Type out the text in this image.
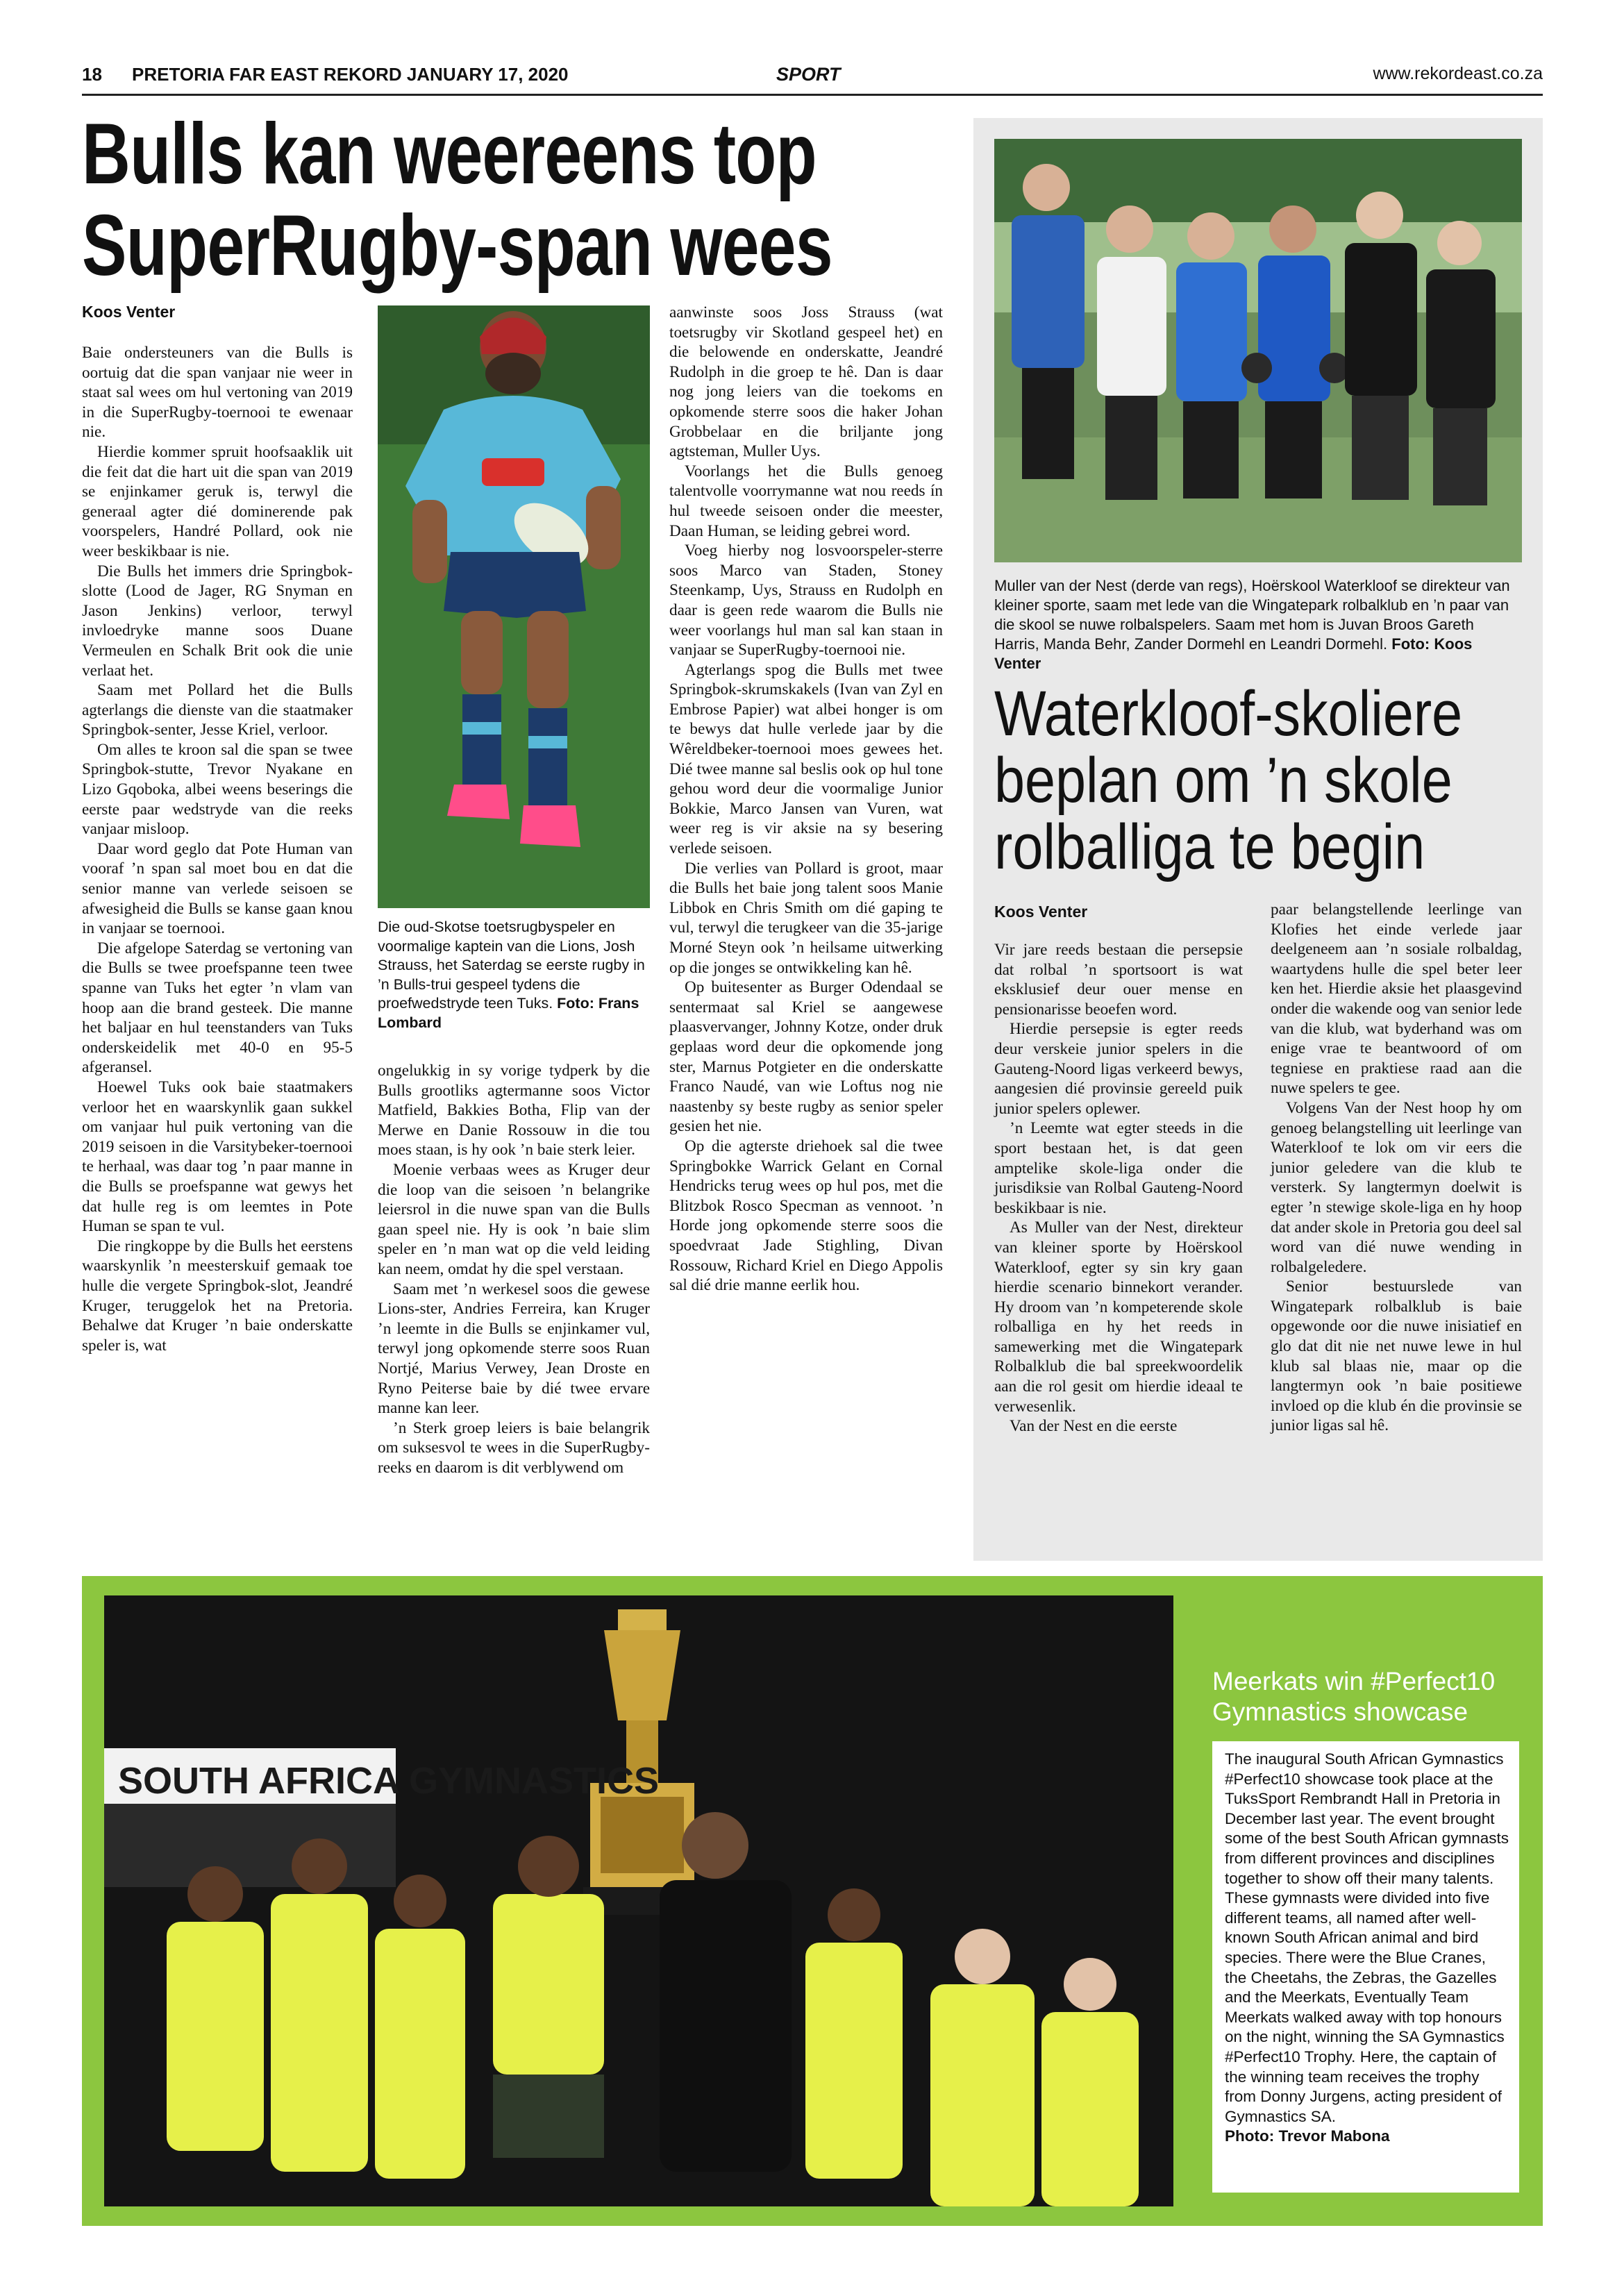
18 PRETORIA FAR EAST REKORD JANUARY 17, 2020	SPORT	www.rekordeast.co.za
Bulls kan weereens top
SuperRugby-span wees
Koos Venter

Baie ondersteuners van die Bulls is oortuig dat die span vanjaar nie weer in staat sal wees om hul vertoning van 2019 in die SuperRugby-toernooi te ewenaar nie.

Hierdie kommer spruit hoofsaaklik uit die feit dat die hart uit die span van 2019 se enjinkamer geruk is, terwyl die generaal agter dié dominerende pak voorspelers, Handré Pollard, ook nie weer beskikbaar is nie.

Die Bulls het immers drie Springbok-slotte (Lood de Jager, RG Snyman en Jason Jenkins) verloor, terwyl invloedryke manne soos Duane Vermeulen en Schalk Brit ook die unie verlaat het.

Saam met Pollard het die Bulls agterlangs die dienste van die staatmaker Springbok-senter, Jesse Kriel, verloor.

Om alles te kroon sal die span se twee Springbok-stutte, Trevor Nyakane en Lizo Gqoboka, albei weens beserings die eerste paar wedstryde van die reeks vanjaar misloop.

Daar word geglo dat Pote Human van vooraf ’n span sal moet bou en dat die senior manne van verlede seisoen se afwesigheid die Bulls se kanse gaan knou in vanjaar se toernooi.

Die afgelope Saterdag se vertoning van die Bulls se twee proefspanne teen twee spanne van Tuks het egter ’n vlam van hoop aan die brand gesteek. Die manne het baljaar en hul teenstanders van Tuks onderskeidelik met 40-0 en 95-5 afgeransel.

Hoewel Tuks ook baie staatmakers verloor het en waarskynlik gaan sukkel om vanjaar hul puik vertoning van die 2019 seisoen in die Varsitybeker-toernooi te herhaal, was daar tog ’n paar manne in die Bulls se proefspanne wat gewys het dat hulle reg is om leemtes in Pote Human se span te vul.

Die ringkoppe by die Bulls het eerstens waarskynlik ’n meesterskuif gemaak toe hulle die vergete Springbok-slot, Jeandré Kruger, teruggelok het na Pretoria. Behalwe dat Kruger ’n baie onderskatte speler is, wat

Die oud-Skotse toetsrugbyspeler en voormalige kaptein van die Lions, Josh Strauss, het Saterdag se eerste rugby in ’n Bulls-trui gespeel tydens die proefwedstryde teen Tuks. Foto: Frans Lombard

ongelukkig in sy vorige tydperk by die Bulls grootliks agtermanne soos Victor Matfield, Bakkies Botha, Flip van der Merwe en Danie Rossouw in die tou moes staan, is hy ook ’n baie sterk leier.

Moenie verbaas wees as Kruger deur die loop van die seisoen ’n belangrike leiersrol in die nuwe span van die Bulls gaan speel nie. Hy is ook ’n baie slim speler en ’n man wat op die veld leiding kan neem, omdat hy die spel verstaan.

Saam met ’n werkesel soos die gewese Lions-ster, Andries Ferreira, kan Kruger ’n leemte in die Bulls se enjinkamer vul, terwyl jong opkomende sterre soos Ruan Nortjé, Marius Verwey, Jean Droste en Ryno Peiterse baie by dié twee ervare manne kan leer.

’n Sterk groep leiers is baie belangrik om suksesvol te wees in die SuperRugby-reeks en daarom is dit verblywend om

aanwinste soos Joss Strauss (wat toetsrugby vir Skotland gespeel het) en die belowende en onderskatte, Jeandré Rudolph in die groep te hê. Dan is daar nog jong leiers van die toekoms en opkomende sterre soos die haker Johan Grobbelaar en die briljante jong agtsteman, Muller Uys.

Voorlangs het die Bulls genoeg talentvolle voorrymanne wat nou reeds ín hul tweede seisoen onder die meester, Daan Human, se leiding gebrei word.

Voeg hierby nog losvoorspeler-sterre soos Marco van Staden, Stoney Steenkamp, Uys, Strauss en Rudolph en daar is geen rede waarom die Bulls nie weer voorlangs hul man sal kan staan in vanjaar se SuperRugby-toernooi nie.

Agterlangs spog die Bulls met twee Springbok-skrumskakels (Ivan van Zyl en Embrose Papier) wat albei honger is om te bewys dat hulle verlede jaar by die Wêreldbeker-toernooi moes gewees het. Dié twee manne sal beslis ook op hul tone gehou word deur die voormalige Junior Bokkie, Marco Jansen van Vuren, wat weer reg is vir aksie na sy besering verlede seisoen.

Die verlies van Pollard is groot, maar die Bulls het baie jong talent soos Manie Libbok en Chris Smith om dié gaping te vul, terwyl die terugkeer van die 35-jarige Morné Steyn ook ’n heilsame uitwerking op die jonges se ontwikkeling kan hê.

Op buitesenter as Burger Odendaal se sentermaat sal Kriel se aangewese plaasvervanger, Johnny Kotze, onder druk geplaas word deur die opkomende jong ster, Marnus Potgieter en die onderskatte Franco Naudé, van wie Loftus nog nie naastenby sy beste rugby as senior speler gesien het nie.

Op die agterste driehoek sal die twee Springbokke Warrick Gelant en Cornal Hendricks terug wees op hul pos, met die Blitzbok Rosco Specman as vennoot. ’n Horde jong opkomende sterre soos die spoedvraat Jade Stighling, Divan Rossouw, Richard Kriel en Diego Appolis sal dié drie manne eerlik hou.

Muller van der Nest (derde van regs), Hoërskool Waterkloof se direkteur van kleiner sporte, saam met lede van die Wingatepark rolbalklub en ’n paar van die skool se nuwe rolbalspelers. Saam met hom is Juvan Broos Gareth Harris, Manda Behr, Zander Dormehl en Leandri Dormehl. Foto: Koos Venter
Waterkloof-skoliere
beplan om ’n skole
rolballiga te begin
Koos Venter

Vir jare reeds bestaan die persepsie dat rolbal ’n sportsoort is wat eksklusief deur ouer mense en pensionarisse beoefen word.

Hierdie persepsie is egter reeds deur verskeie junior spelers in die Gauteng-Noord ligas verkeerd bewys, aangesien dié provinsie gereeld puik junior spelers oplewer.

’n Leemte wat egter steeds in die sport bestaan het, is dat geen amptelike skole-liga onder die jurisdiksie van Rolbal Gauteng-Noord beskikbaar is nie.

As Muller van der Nest, direkteur van kleiner sporte by Hoërskool Waterkloof, egter sy sin kry gaan hierdie scenario binnekort verander. Hy droom van ’n kompeterende skole rolballiga en hy het reeds in samewerking met die Wingatepark Rolbalklub die bal spreekwoordelik aan die rol gesit om hierdie ideaal te verwesenlik.

Van der Nest en die eerste

paar belangstellende leerlinge van Klofies het einde verlede jaar deelgeneem aan ’n sosiale rolbaldag, waartydens hulle die spel beter leer ken het. Hierdie aksie het plaasgevind onder die wakende oog van senior lede van die klub, wat byderhand was om enige vrae te beantwoord of om tegniese en praktiese raad aan die nuwe spelers te gee.

Volgens Van der Nest hoop hy om genoeg belangstelling uit leerlinge van Waterkloof te lok om vir eers die junior geledere van die klub te versterk. Sy langtermyn doelwit is egter ’n stewige skole-liga en hy hoop dat ander skole in Pretoria gou deel sal word van dié nuwe wending in rolbalgeledere.

Senior bestuurslede van Wingatepark rolbalklub is baie opgewonde oor die nuwe inisiatief en glo dat dit nie net nuwe lewe in hul klub sal blaas nie, maar op die langtermyn ook ’n baie positiewe invloed op die klub én die provinsie se junior ligas sal hê.

SOUTH AFRICA GYMNASTICS
Meerkats win #Perfect10
Gymnastics showcase
The inaugural South African Gymnastics #Perfect10 showcase took place at the TuksSport Rembrandt Hall in Pretoria in December last year. The event brought some of the best South African gymnasts from different provinces and disciplines together to show off their many talents. These gymnasts were divided into five different teams, all named after well-known South African animal and bird species. There were the Blue Cranes, the Cheetahs, the Zebras, the Gazelles and the Meerkats, Eventually Team Meerkats walked away with top honours on the night, winning the SA Gymnastics #Perfect10 Trophy. Here, the captain of the winning team receives the trophy from Donny Jurgens, acting president of Gymnastics SA.
Photo: Trevor Mabona
